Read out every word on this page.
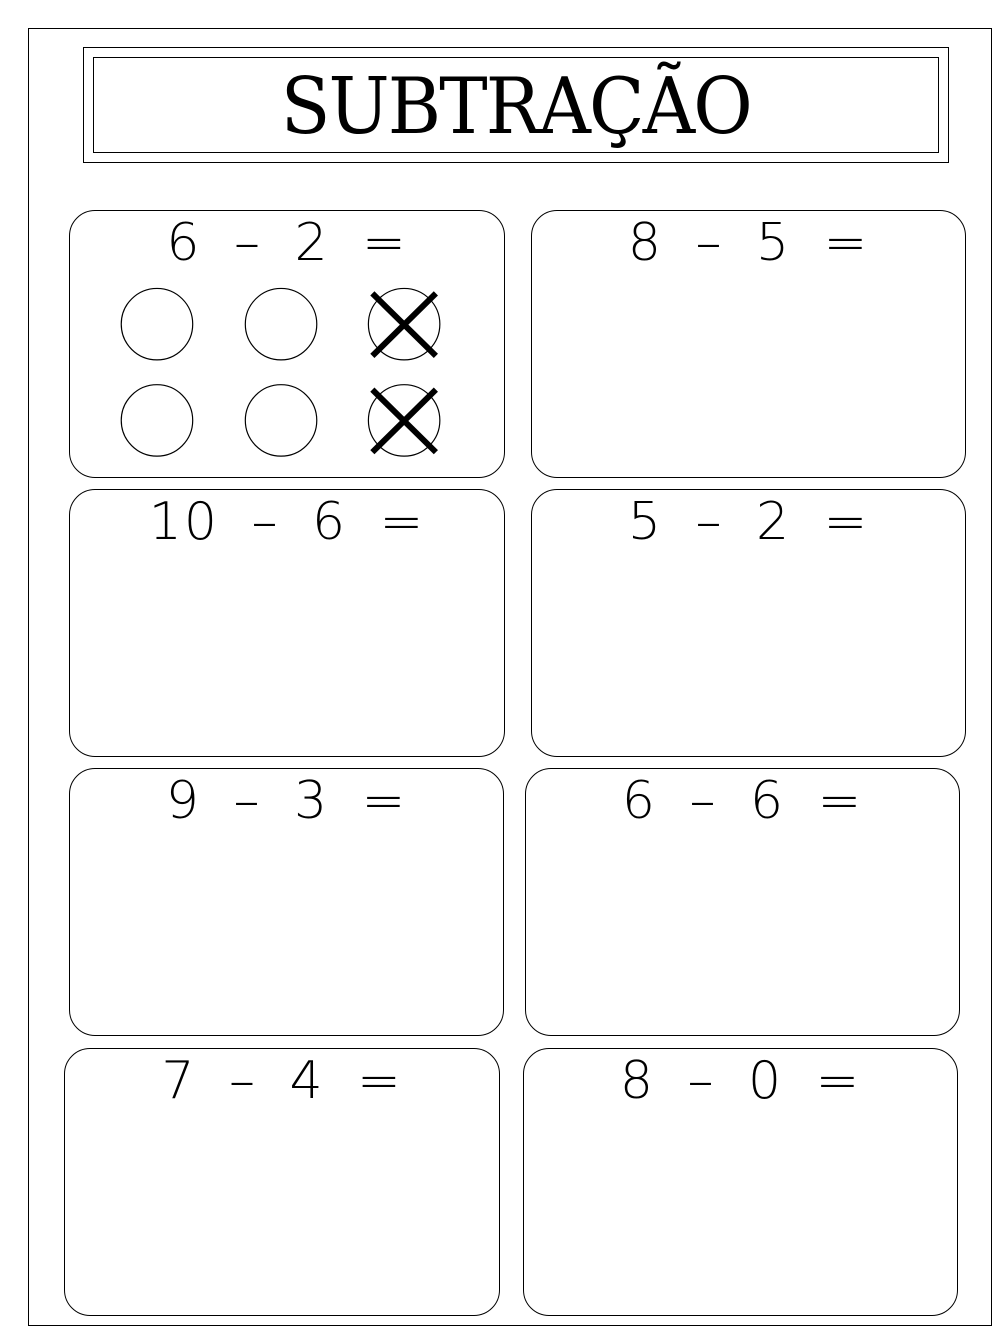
SUBTRAÇÃO
6 – 2 =	8 – 5 =
10 – 6 =	5 – 2 =
9 – 3 =	6 – 6 =
7 – 4 =	8 – 0 =
